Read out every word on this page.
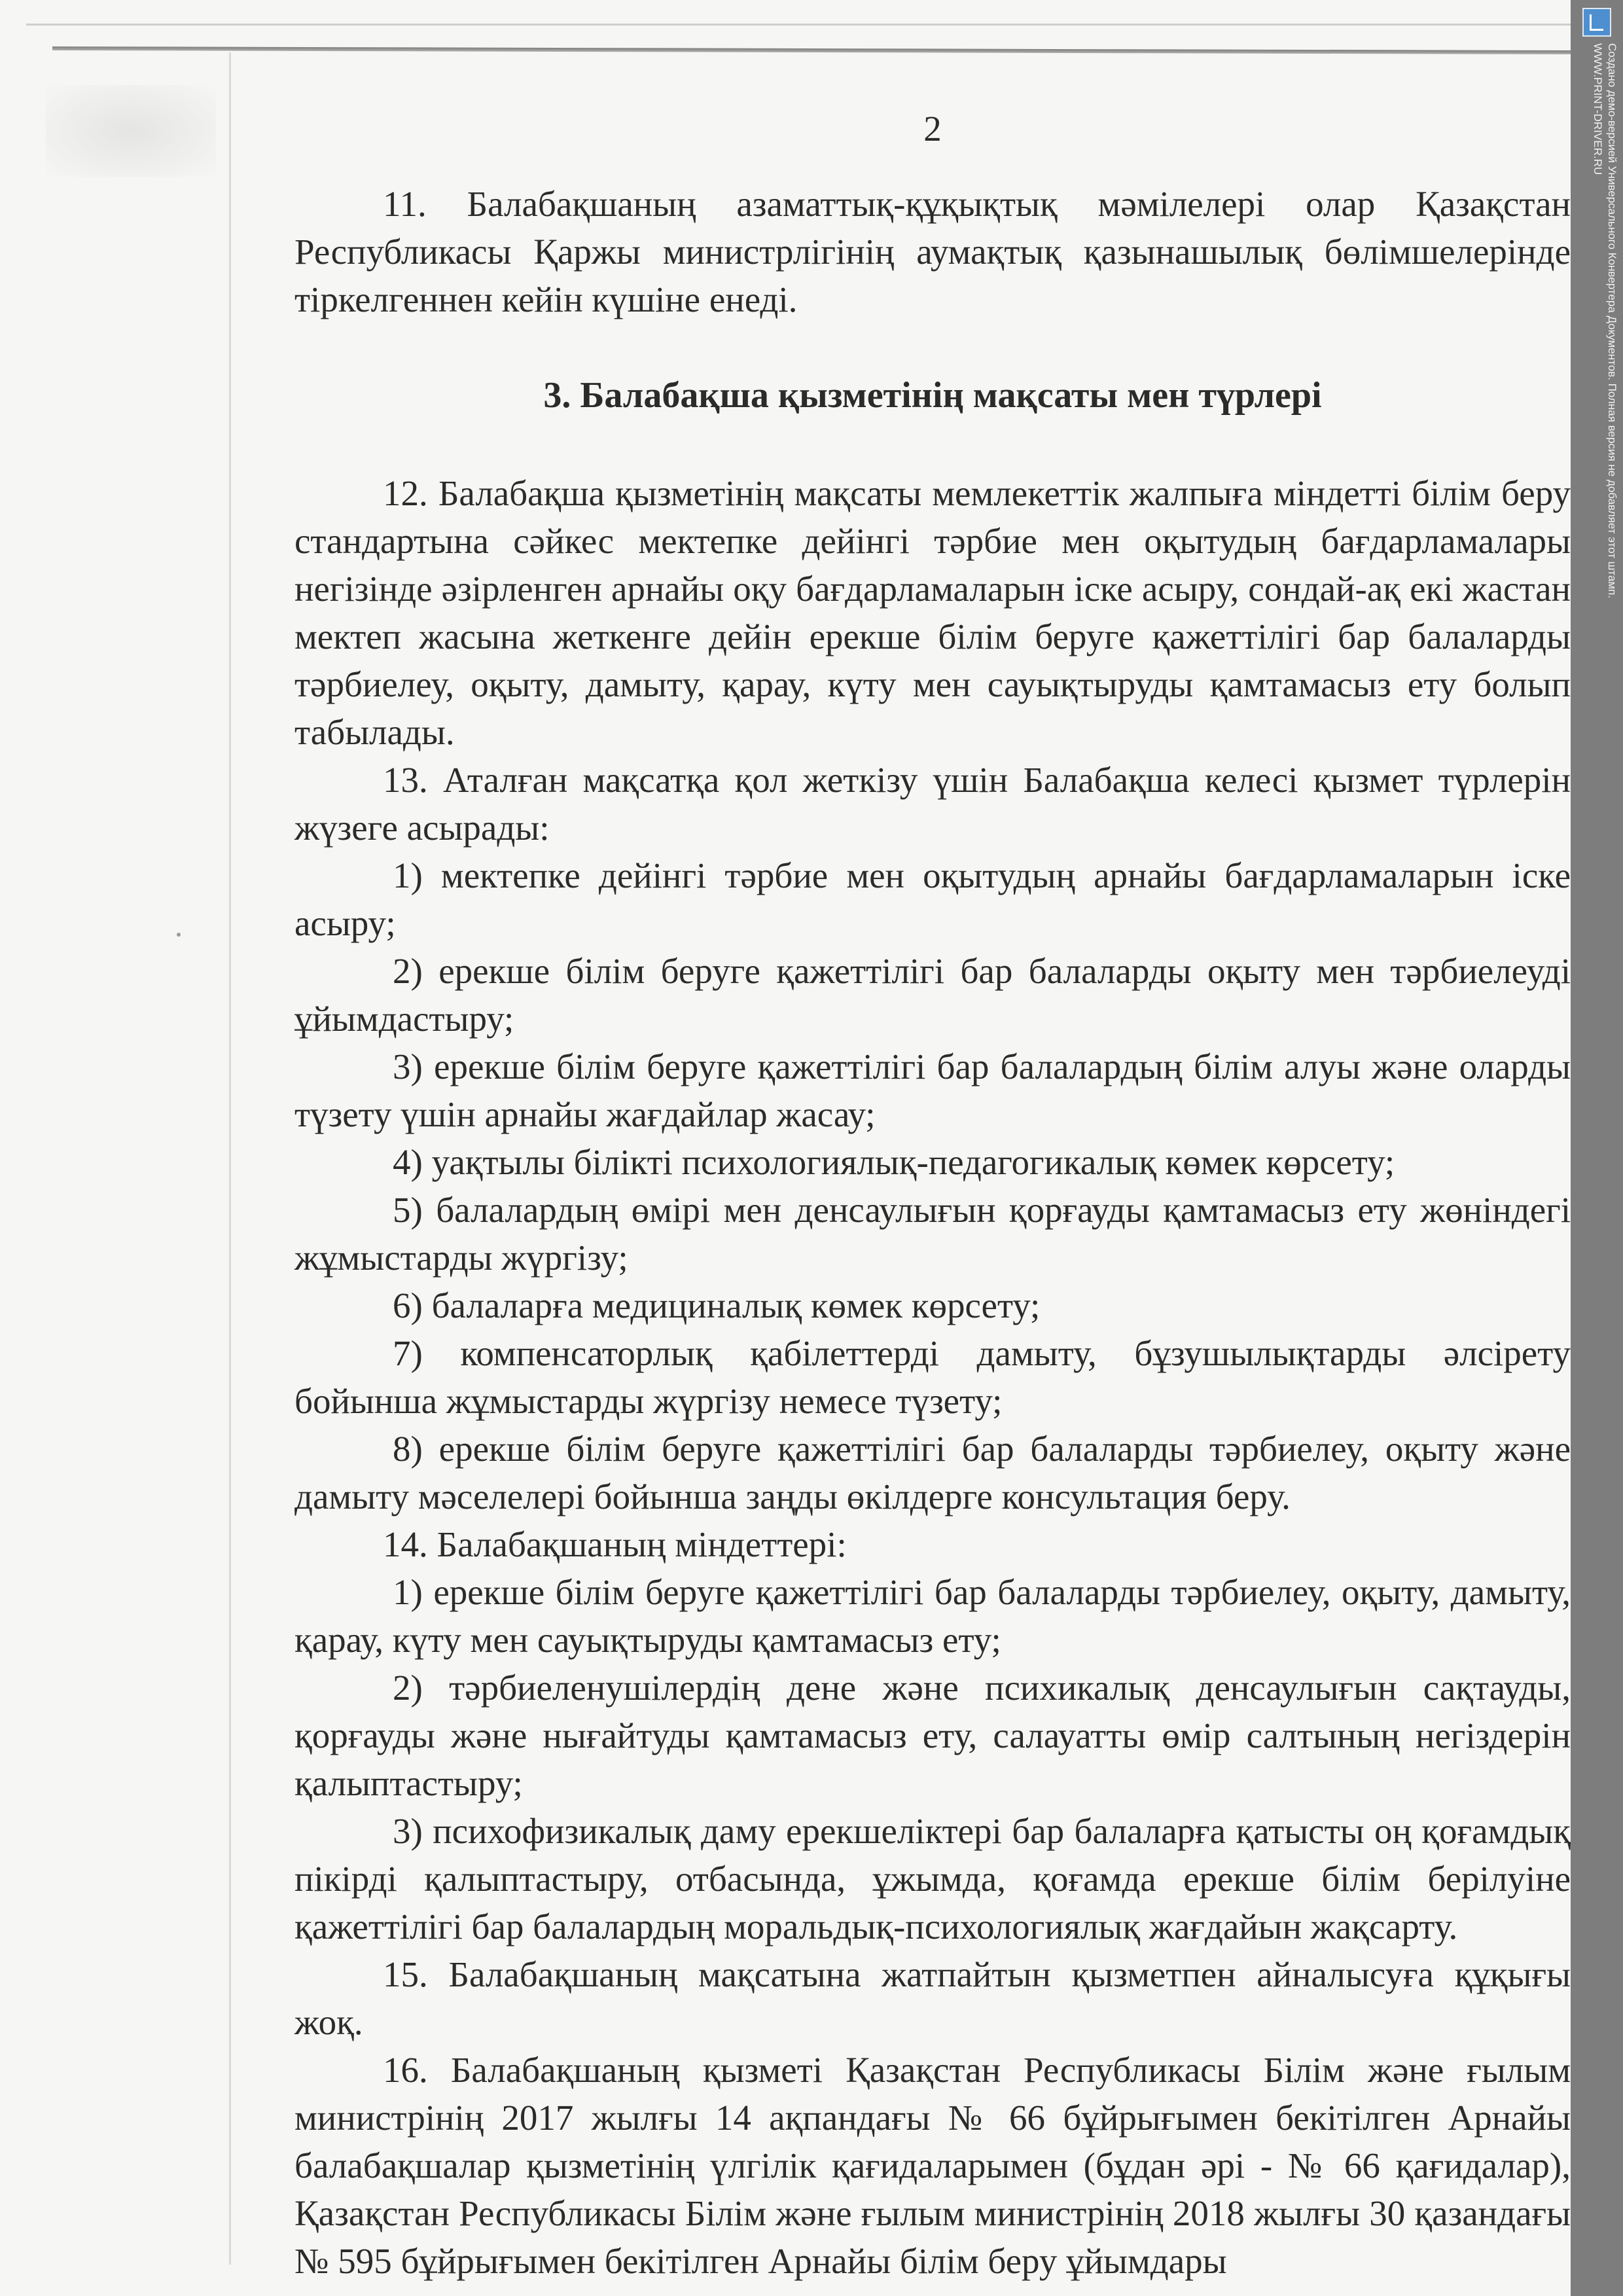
Создано демо-версией Универсального Конвертера Документов. Полная версия не добавляет этот штамп.
WWW.PRINT-DRIVER.RU
2

11. Балабақшаның азаматтық-құқықтық мәмілелері олар Қазақстан Республикасы Қаржы министрлігінің аумақтық қазынашылық бөлімшелерінде тіркелгеннен кейін күшіне енеді.

3. Балабақша қызметінің мақсаты мен түрлері

12. Балабақша қызметінің мақсаты мемлекеттік жалпыға міндетті білім беру стандартына сәйкес мектепке дейінгі тәрбие мен оқытудың бағдарламалары негізінде әзірленген арнайы оқу бағдарламаларын іске асыру, сондай-ақ екі жастан мектеп жасына жеткенге дейін ерекше білім беруге қажеттілігі бар балаларды тәрбиелеу, оқыту, дамыту, қарау, күту мен сауықтыруды қамтамасыз ету болып табылады.

13. Аталған мақсатқа қол жеткізу үшін Балабақша келесі қызмет түрлерін жүзеге асырады:

1) мектепке дейінгі тәрбие мен оқытудың арнайы бағдарламаларын іске асыру;

2) ерекше білім беруге қажеттілігі бар балаларды оқыту мен тәрбиелеуді ұйымдастыру;

3) ерекше білім беруге қажеттілігі бар балалардың білім алуы және оларды түзету үшін арнайы жағдайлар жасау;

4) уақтылы білікті психологиялық-педагогикалық көмек көрсету;

5) балалардың өмірі мен денсаулығын қорғауды қамтамасыз ету жөніндегі жұмыстарды жүргізу;

6) балаларға медициналық көмек көрсету;

7) компенсаторлық қабілеттерді дамыту, бұзушылықтарды әлсірету бойынша жұмыстарды жүргізу немесе түзету;

8) ерекше білім беруге қажеттілігі бар балаларды тәрбиелеу, оқыту және дамыту мәселелері бойынша заңды өкілдерге консультация беру.

14. Балабақшаның міндеттері:

1) ерекше білім беруге қажеттілігі бар балаларды тәрбиелеу, оқыту, дамыту, қарау, күту мен сауықтыруды қамтамасыз ету;

2) тәрбиеленушілердің дене және психикалық денсаулығын сақтауды, қорғауды және нығайтуды қамтамасыз ету, салауатты өмір салтының негіздерін қалыптастыру;

3) психофизикалық даму ерекшеліктері бар балаларға қатысты оң қоғамдық пікірді қалыптастыру, отбасында, ұжымда, қоғамда ерекше білім берілуіне қажеттілігі бар балалардың моральдық-психологиялық жағдайын жақсарту.

15. Балабақшаның мақсатына жатпайтын қызметпен айналысуға құқығы жоқ.

16. Балабақшаның қызметі Қазақстан Республикасы Білім және ғылым министрінің 2017 жылғы 14 ақпандағы № 66 бұйрығымен бекітілген Арнайы балабақшалар қызметінің үлгілік қағидаларымен (бұдан әрі - № 66 қағидалар), Қазақстан Республикасы Білім және ғылым министрінің 2018 жылғы 30 қазандағы № 595 бұйрығымен бекітілген Арнайы білім беру ұйымдары
